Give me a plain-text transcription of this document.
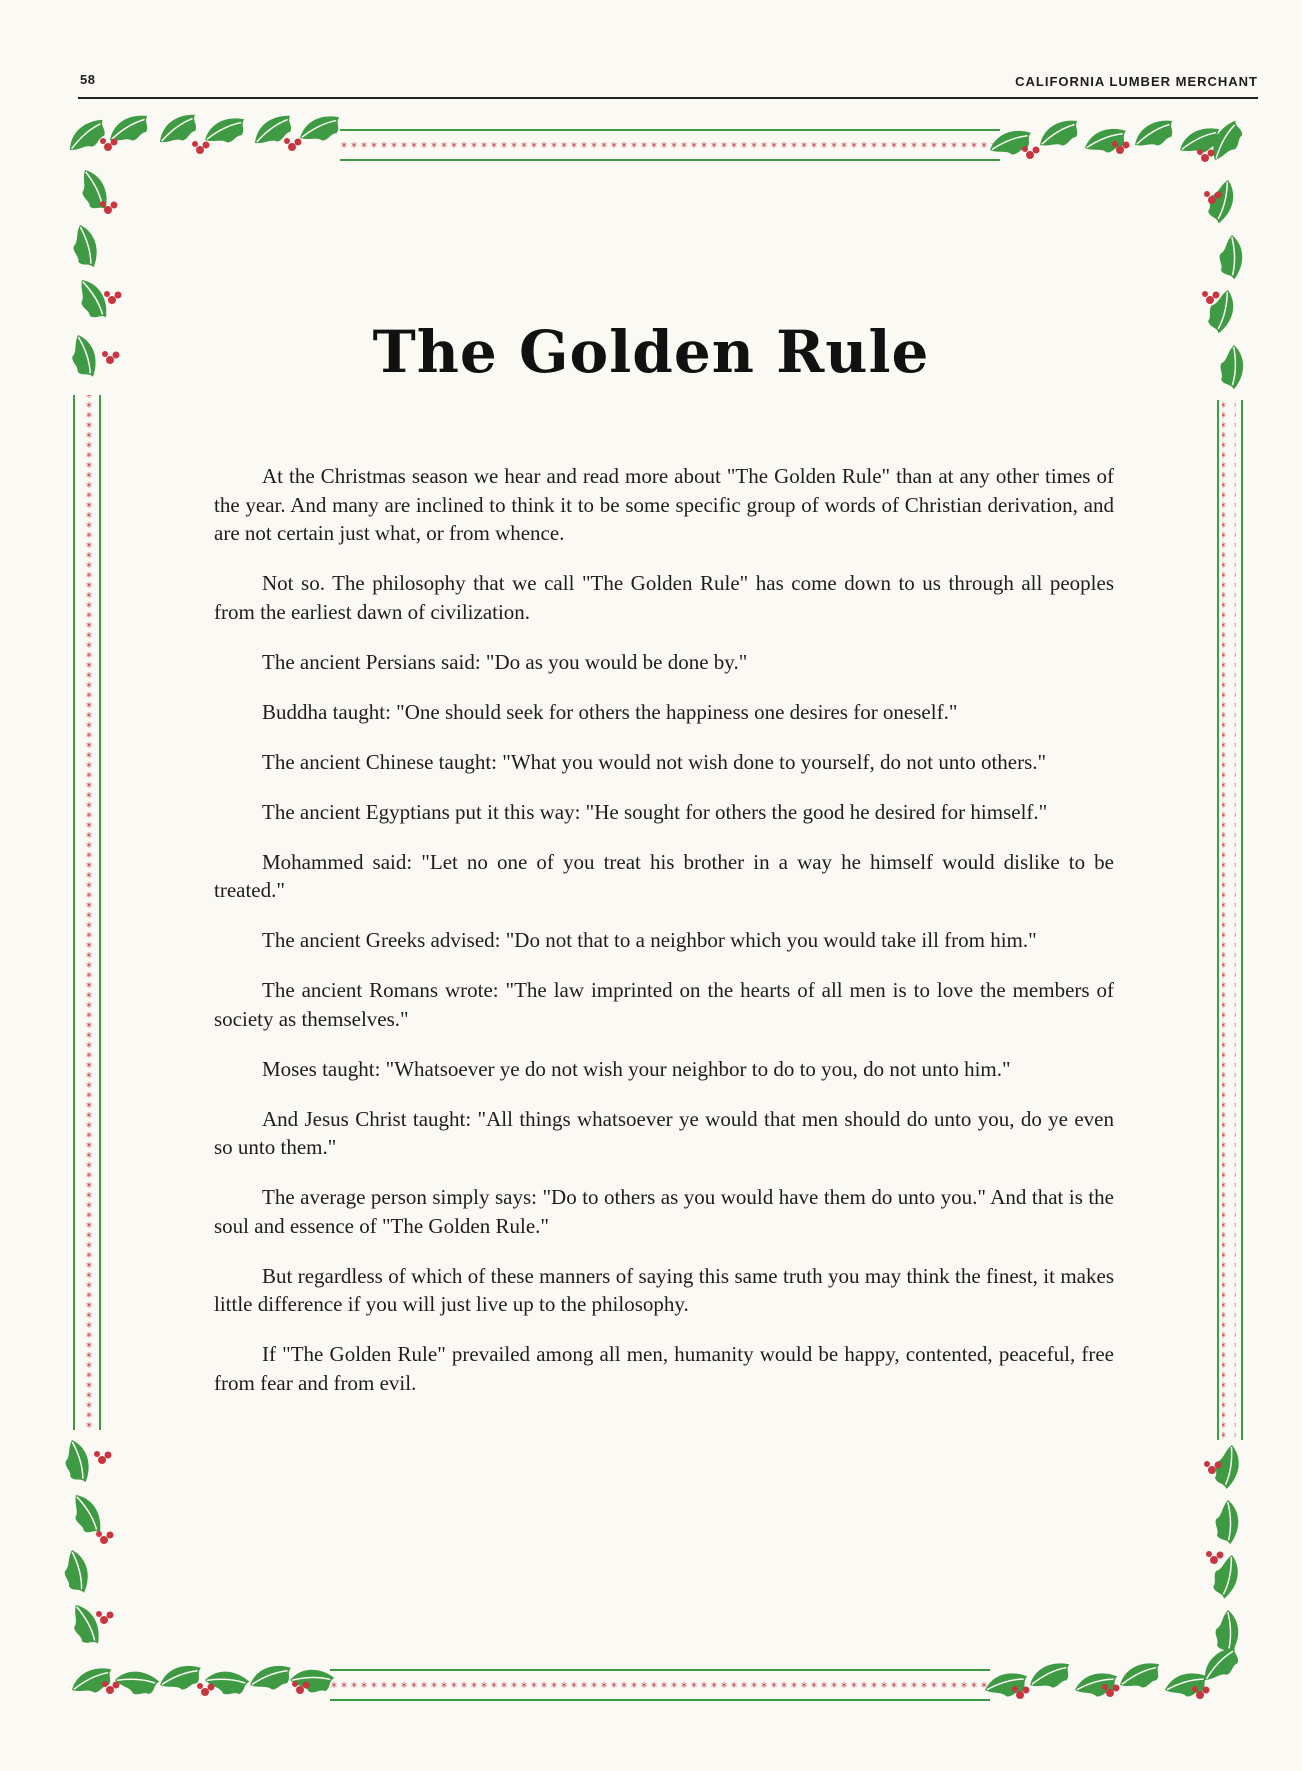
58	CALIFORNIA LUMBER MERCHANT
The Golden Rule

At the Christmas season we hear and read more about "The Golden Rule" than at any other times of the year. And many are inclined to think it to be some specific group of words of Christian derivation, and are not certain just what, or from whence.

Not so. The philosophy that we call "The Golden Rule" has come down to us through all peoples from the earliest dawn of civilization.

The ancient Persians said: "Do as you would be done by."

Buddha taught: "One should seek for others the happiness one desires for oneself."

The ancient Chinese taught: "What you would not wish done to yourself, do not unto others."

The ancient Egyptians put it this way: "He sought for others the good he desired for himself."

Mohammed said: "Let no one of you treat his brother in a way he himself would dislike to be treated."

The ancient Greeks advised: "Do not that to a neighbor which you would take ill from him."

The ancient Romans wrote: "The law imprinted on the hearts of all men is to love the members of society as themselves."

Moses taught: "Whatsoever ye do not wish your neighbor to do to you, do not unto him."

And Jesus Christ taught: "All things whatsoever ye would that men should do unto you, do ye even so unto them."

The average person simply says: "Do to others as you would have them do unto you." And that is the soul and essence of "The Golden Rule."

But regardless of which of these manners of saying this same truth you may think the finest, it makes little difference if you will just live up to the philosophy.

If "The Golden Rule" prevailed among all men, humanity would be happy, contented, peaceful, free from fear and from evil.
